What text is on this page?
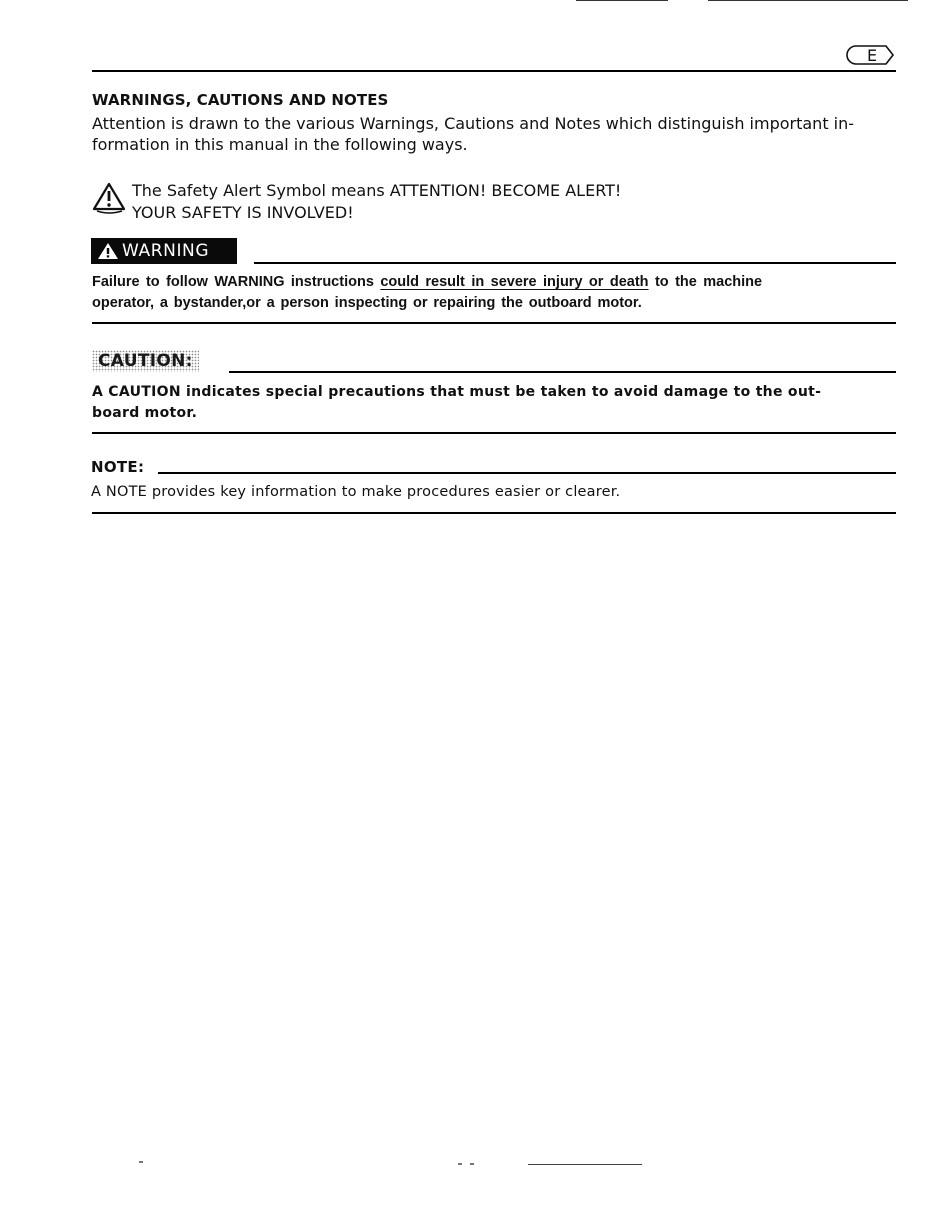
E
WARNINGS, CAUTIONS AND NOTES
Attention is drawn to the various Warnings, Cautions and Notes which distinguish important in-
formation in this manual in the following ways.
The Safety Alert Symbol means ATTENTION! BECOME ALERT!
YOUR SAFETY IS INVOLVED!
WARNING
Failure to follow WARNING instructions could result in severe injury or death to the machine
operator, a bystander,or a person inspecting or repairing the outboard motor.
CAUTION:
A CAUTION indicates special precautions that must be taken to avoid damage to the out-
board motor.
NOTE:
A NOTE provides key information to make procedures easier or clearer.
